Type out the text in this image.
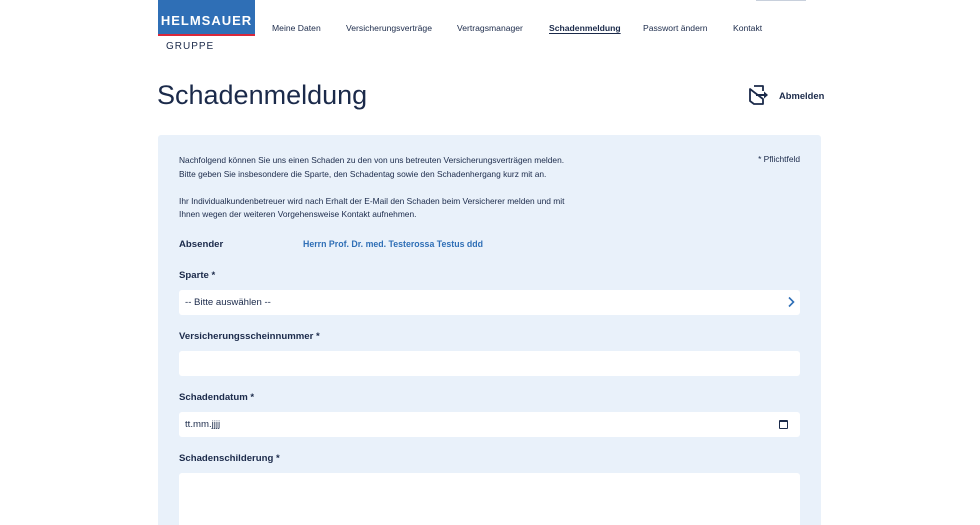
HELMSAUER
GRUPPE
Meine Daten	Versicherungsverträge	Vertragsmanager	Schadenmeldung	Passwort ändern	Kontakt
Schadenmeldung	Abmelden

Nachfolgend können Sie uns einen Schaden zu den von uns betreuten Versicherungsverträgen melden.
Bitte geben Sie insbesondere die Sparte, den Schadentag sowie den Schadenhergang kurz mit an.

Ihr Individualkundenbetreuer wird nach Erhalt der E-Mail den Schaden beim Versicherer melden und mit
Ihnen wegen der weiteren Vorgehensweise Kontakt aufnehmen.

* Pflichtfeld
Absender	Herrn Prof. Dr. med. Testerossa Testus ddd
Sparte *
-- Bitte auswählen --
Versicherungsscheinnummer *
Schadendatum *
tt.mm.jjjj
Schadenschilderung *
